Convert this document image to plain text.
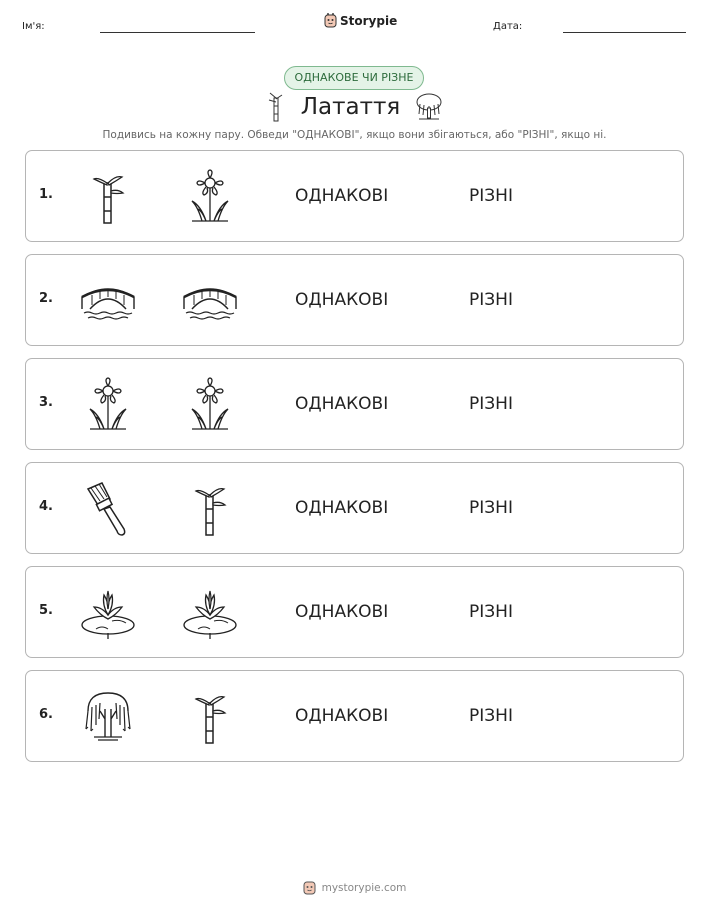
Ім'я:	Storypie	Дата:
ОДНАКОВЕ ЧИ РІЗНЕ
Латаття
Подивись на кожну пару. Обведи "ОДНАКОВІ", якщо вони збігаються, або "РІЗНІ", якщо ні.
1.	ОДНАКОВІ	РІЗНІ
2.	ОДНАКОВІ	РІЗНІ
3.	ОДНАКОВІ	РІЗНІ
4.	ОДНАКОВІ	РІЗНІ
5.	ОДНАКОВІ	РІЗНІ
6.	ОДНАКОВІ	РІЗНІ
mystorypie.com
